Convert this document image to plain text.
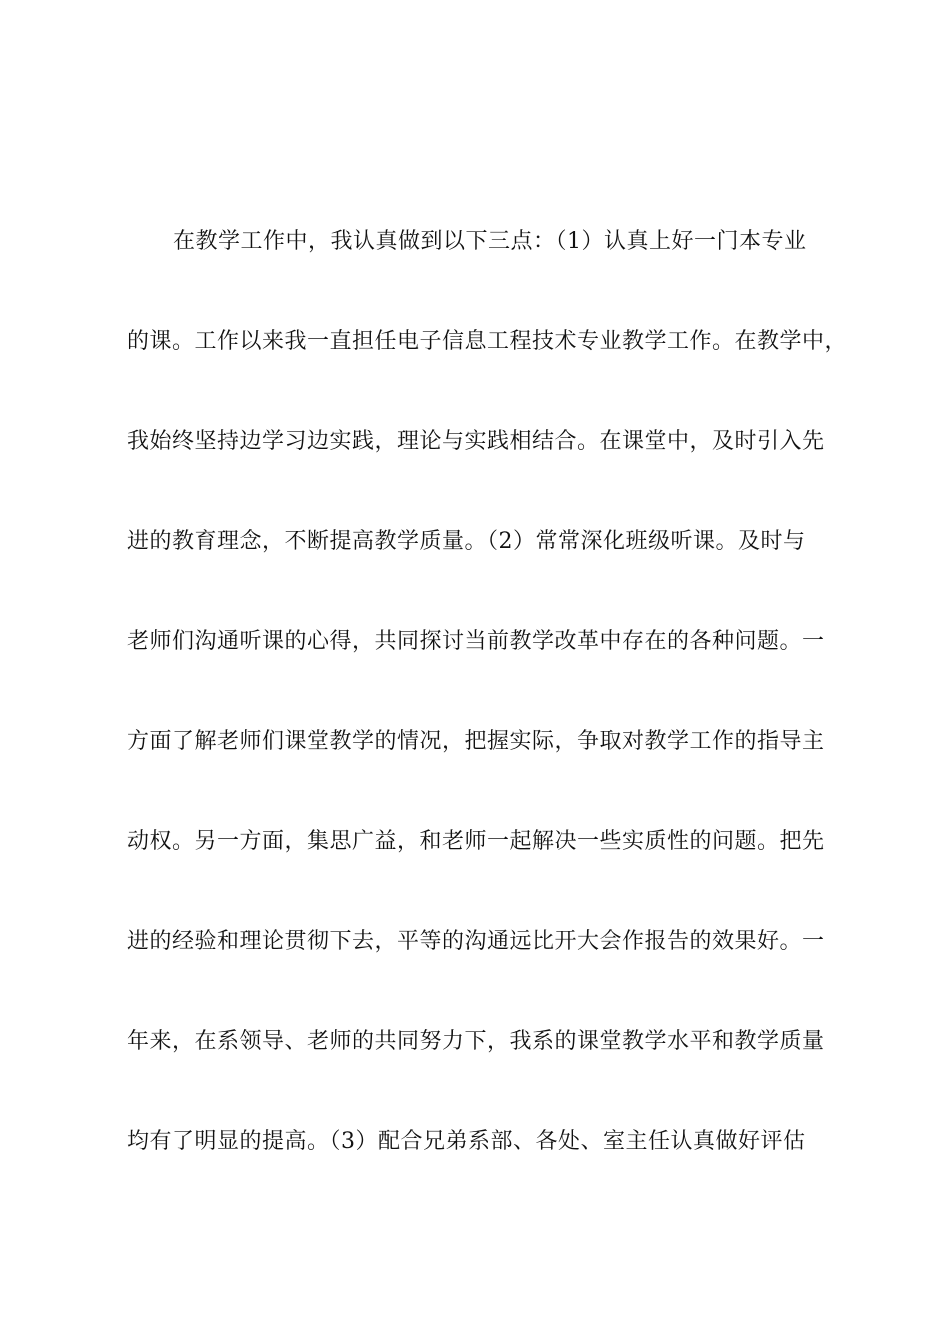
在教学工作中，我认真做到以下三点：（1）认真上好一门本专业
的课。工作以来我一直担任电子信息工程技术专业教学工作。在教学中，
我始终坚持边学习边实践，理论与实践相结合。在课堂中，及时引入先
进的教育理念，不断提高教学质量。（2）常常深化班级听课。及时与
老师们沟通听课的心得，共同探讨当前教学改革中存在的各种问题。一
方面了解老师们课堂教学的情况，把握实际，争取对教学工作的指导主
动权。另一方面，集思广益，和老师一起解决一些实质性的问题。把先
进的经验和理论贯彻下去，平等的沟通远比开大会作报告的效果好。一
年来，在系领导、老师的共同努力下，我系的课堂教学水平和教学质量
均有了明显的提高。（3）配合兄弟系部、各处、室主任认真做好评估
